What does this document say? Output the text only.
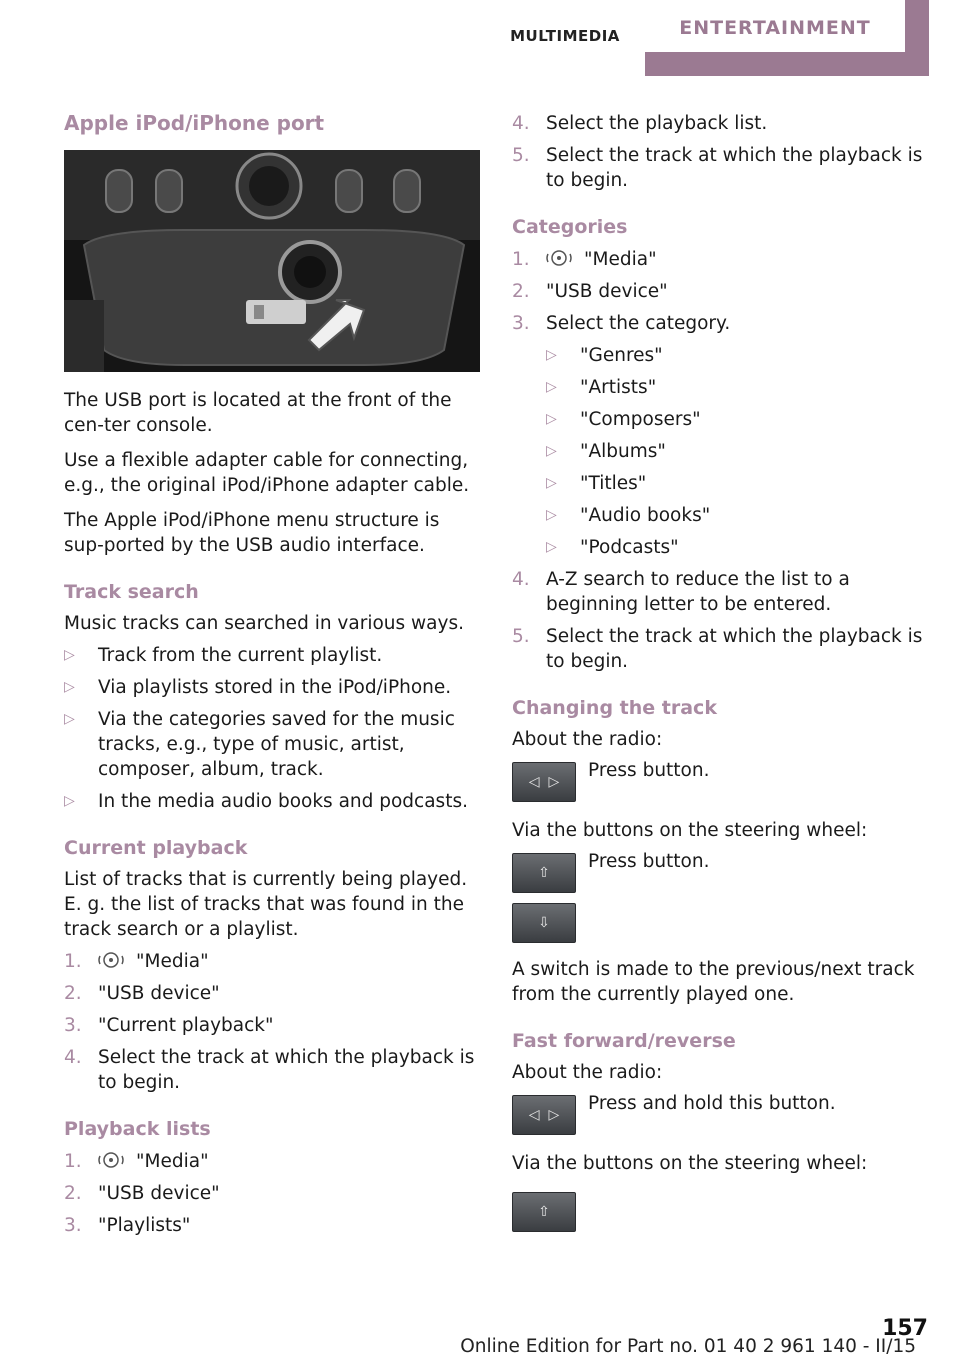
MULTIMEDIA	ENTERTAINMENT
Apple iPod/iPhone port

The USB port is located at the front of the cen‐ter console.

Use a flexible adapter cable for connecting, e.g., the original iPod/iPhone adapter cable.

The Apple iPod/iPhone menu structure is sup‐ported by the USB audio interface.

Track search

Music tracks can searched in various ways.

▷	Track from the current playlist.
▷	Via playlists stored in the iPod/iPhone.
▷	Via the categories saved for the music tracks, e.g., type of music, artist, composer, album, track.
▷	In the media audio books and podcasts.
Current playback

List of tracks that is currently being played. E. g. the list of tracks that was found in the track search or a playlist.

1.	"Media"
2. "USB device"
3. "Current playback"
4. Select the track at which the playback is to begin.
Playback lists
1.	"Media"
2. "USB device"
3. "Playlists"
4. Select the playback list.
5. Select the track at which the playback is to begin.
Categories
1.	"Media"
2. "USB device"
3. Select the category.
▷	"Genres"
▷	"Artists"
▷	"Composers"
▷	"Albums"
▷	"Titles"
▷	"Audio books"
▷	"Podcasts"
4. A-Z search to reduce the list to a beginning letter to be entered.
5. Select the track at which the playback is to begin.
Changing the track

About the radio:

◁  ▷
Press button.

Via the buttons on the steering wheel:

⇧
⇩
Press button.

A switch is made to the previous/next track from the currently played one.

Fast forward/reverse

About the radio:

◁  ▷
Press and hold this button.

Via the buttons on the steering wheel:

⇧
157
Online Edition for Part no. 01 40 2 961 140 - II/15
